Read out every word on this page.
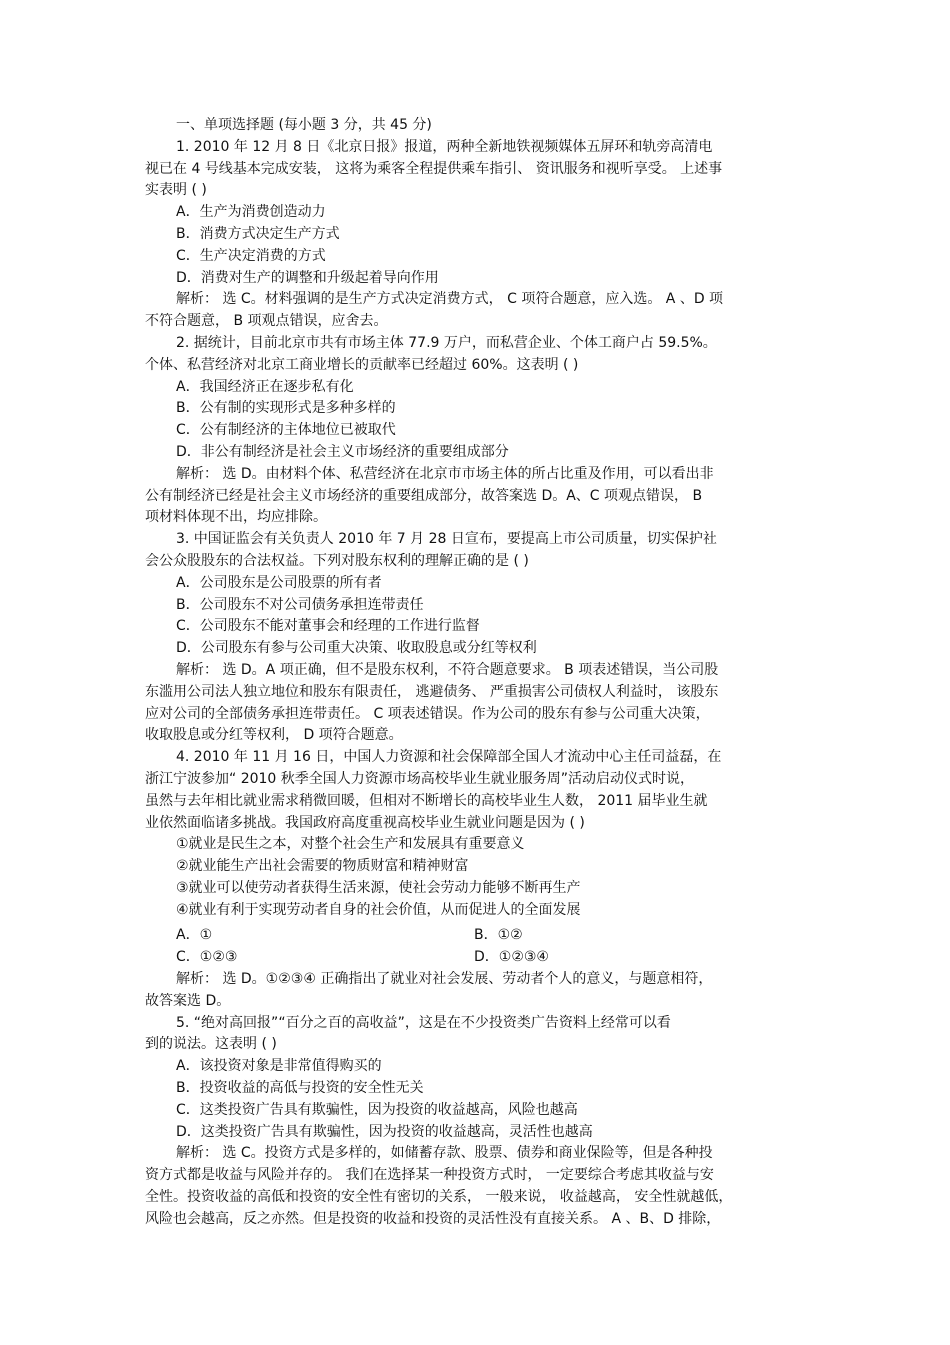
一、单项选择题 (每小题 3 分，共 45 分)
1. 2010 年 12 月 8 日《北京日报》报道，两种全新地铁视频媒体五屏环和轨旁高清电
视已在 4 号线基本完成安装， 这将为乘客全程提供乘车指引、 资讯服务和视听享受。 上述事
实表明 ( )
A．生产为消费创造动力
B．消费方式决定生产方式
C．生产决定消费的方式
D．消费对生产的调整和升级起着导向作用
解析： 选 C。材料强调的是生产方式决定消费方式， C 项符合题意，应入选。 A 、D 项
不符合题意， B 项观点错误，应舍去。
2. 据统计，目前北京市共有市场主体 77.9 万户，而私营企业、个体工商户占 59.5%。
个体、私营经济对北京工商业增长的贡献率已经超过 60%。这表明 ( )
A．我国经济正在逐步私有化
B．公有制的实现形式是多种多样的
C．公有制经济的主体地位已被取代
D．非公有制经济是社会主义市场经济的重要组成部分
解析： 选 D。由材料个体、私营经济在北京市市场主体的所占比重及作用，可以看出非
公有制经济已经是社会主义市场经济的重要组成部分，故答案选 D。A、C 项观点错误， B
项材料体现不出，均应排除。
3. 中国证监会有关负责人 2010 年 7 月 28 日宣布，要提高上市公司质量，切实保护社
会公众股股东的合法权益。下列对股东权利的理解正确的是 ( )
A．公司股东是公司股票的所有者
B．公司股东不对公司债务承担连带责任
C．公司股东不能对董事会和经理的工作进行监督
D．公司股东有参与公司重大决策、收取股息或分红等权利
解析： 选 D。A 项正确，但不是股东权利，不符合题意要求。 B 项表述错误，当公司股
东滥用公司法人独立地位和股东有限责任， 逃避债务、 严重损害公司债权人利益时， 该股东
应对公司的全部债务承担连带责任。 C 项表述错误。作为公司的股东有参与公司重大决策，
收取股息或分红等权利， D 项符合题意。
4. 2010 年 11 月 16 日，中国人力资源和社会保障部全国人才流动中心主任司益磊，在
浙江宁波参加“ 2010 秋季全国人力资源市场高校毕业生就业服务周”活动启动仪式时说，
虽然与去年相比就业需求稍微回暖，但相对不断增长的高校毕业生人数， 2011 届毕业生就
业依然面临诸多挑战。我国政府高度重视高校毕业生就业问题是因为 ( )
①就业是民生之本，对整个社会生产和发展具有重要意义
②就业能生产出社会需要的物质财富和精神财富
③就业可以使劳动者获得生活来源，使社会劳动力能够不断再生产
④就业有利于实现劳动者自身的社会价值，从而促进人的全面发展
A．①	B．①②
C．①②③	D．①②③④
解析： 选 D。①②③④ 正确指出了就业对社会发展、劳动者个人的意义，与题意相符，
故答案选 D。
5. “绝对高回报”“百分之百的高收益”，这是在不少投资类广告资料上经常可以看
到的说法。这表明 ( )
A．该投资对象是非常值得购买的
B．投资收益的高低与投资的安全性无关
C．这类投资广告具有欺骗性，因为投资的收益越高，风险也越高
D．这类投资广告具有欺骗性，因为投资的收益越高，灵活性也越高
解析： 选 C。投资方式是多样的，如储蓄存款、股票、债券和商业保险等，但是各种投
资方式都是收益与风险并存的。 我们在选择某一种投资方式时， 一定要综合考虑其收益与安
全性。投资收益的高低和投资的安全性有密切的关系， 一般来说， 收益越高， 安全性就越低，
风险也会越高，反之亦然。但是投资的收益和投资的灵活性没有直接关系。 A 、B、D 排除，
